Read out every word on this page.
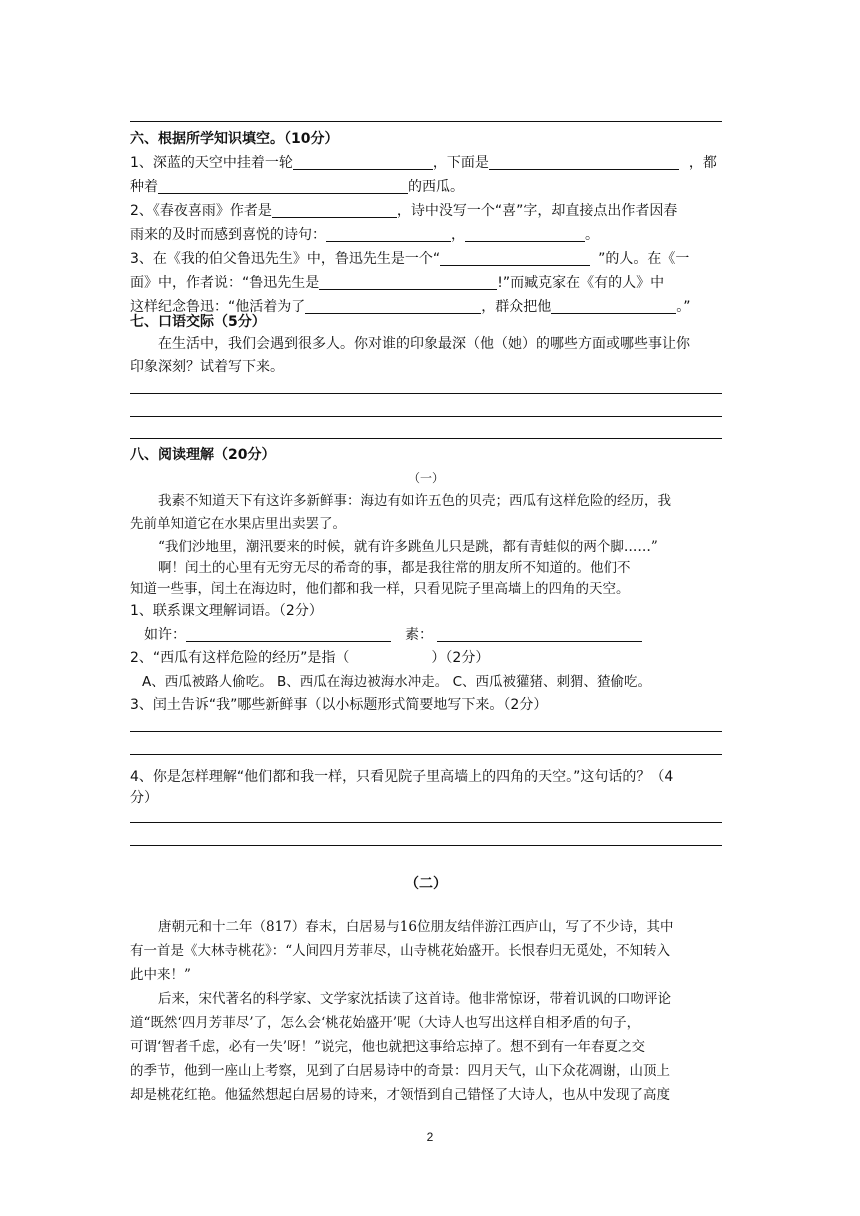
六、根据所学知识填空。（10分）
1、深蓝的天空中挂着一轮	，下面是	，都
种着	的西瓜。
2、《春夜喜雨》作者是	，诗中没写一个“喜”字，却直接点出作者因春
雨来的及时而感到喜悦的诗句：	，	。
3、在《我的伯父鲁迅先生》中，鲁迅先生是一个“	”的人。在《一
面》中，作者说：“鲁迅先生是	!”而臧克家在《有的人》中
这样纪念鲁迅：“他活着为了	，群众把他	。”
七、口语交际（5分）
在生活中，我们会遇到很多人。你对谁的印象最深（他（她）的哪些方面或哪些事让你
印象深刻？试着写下来。
八、阅读理解（20分）
（一）
我素不知道天下有这许多新鲜事：海边有如许五色的贝壳；西瓜有这样危险的经历，我
先前单知道它在水果店里出卖罢了。
“我们沙地里，潮汛要来的时候，就有许多跳鱼儿只是跳，都有青蛙似的两个脚……”
啊！闰土的心里有无穷无尽的希奇的事，都是我往常的朋友所不知道的。他们不
知道一些事，闰土在海边时，他们都和我一样，只看见院子里高墙上的四角的天空。
1、联系课文理解词语。（2分）
如许：	素：
2、“西瓜有这样危险的经历”是指（	）（2分）
A、西瓜被路人偷吃。 B、西瓜在海边被海水冲走。 C、西瓜被獾猪、刺猬、猹偷吃。
3、闰土告诉“我”哪些新鲜事（以小标题形式简要地写下来。（2分）
4、你是怎样理解“他们都和我一样，只看见院子里高墙上的四角的天空。”这句话的？（4
分）
（二）
唐朝元和十二年（817）春末，白居易与16位朋友结伴游江西庐山，写了不少诗，其中
有一首是《大林寺桃花》：“人间四月芳菲尽，山寺桃花始盛开。长恨春归无觅处，不知转入
此中来！”
后来，宋代著名的科学家、文学家沈括读了这首诗。他非常惊讶，带着讥讽的口吻评论
道“既然‘四月芳菲尽’了，怎么会‘桃花始盛开’呢（大诗人也写出这样自相矛盾的句子，
可谓‘智者千虑，必有一失’呀！”说完，他也就把这事给忘掉了。想不到有一年春夏之交
的季节，他到一座山上考察，见到了白居易诗中的奇景：四月天气，山下众花凋谢，山顶上
却是桃花红艳。他猛然想起白居易的诗来，才领悟到自己错怪了大诗人，也从中发现了高度
2
